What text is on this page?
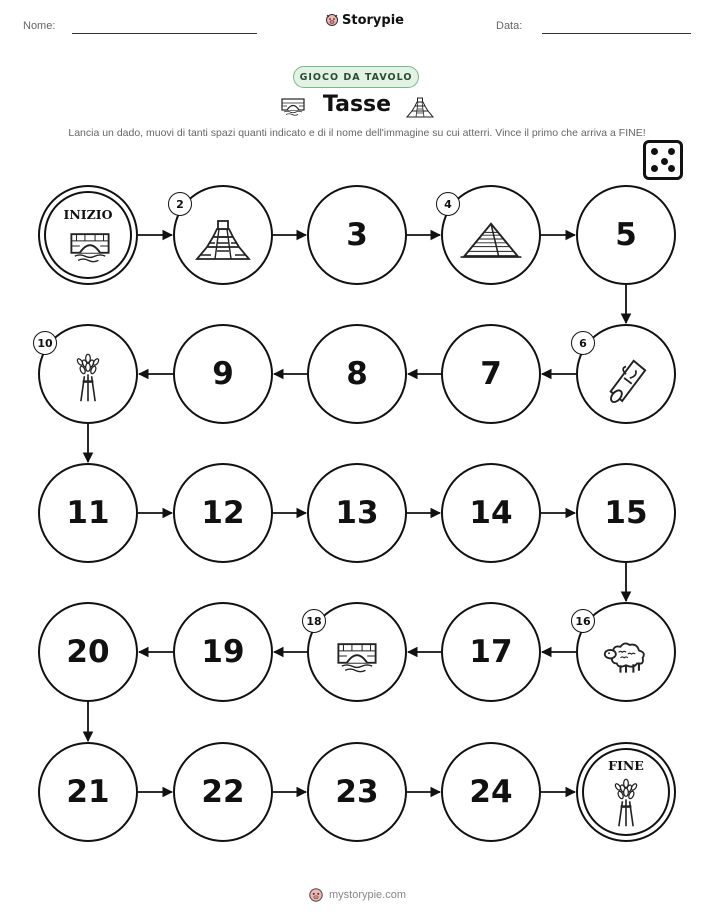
Nome:	Storypie	Data:
GIOCO DA TAVOLO
Tasse
Lancia un dado, muovi di tanti spazi quanti indicato e di il nome dell'immagine su cui atterri. Vince il primo che arriva a FINE!
INIZIO
2
3
4
5
6
7
8
9
10
11	12	13	14	15
16
17
18
19
20
21	22	23	24
FINE
mystorypie.com
